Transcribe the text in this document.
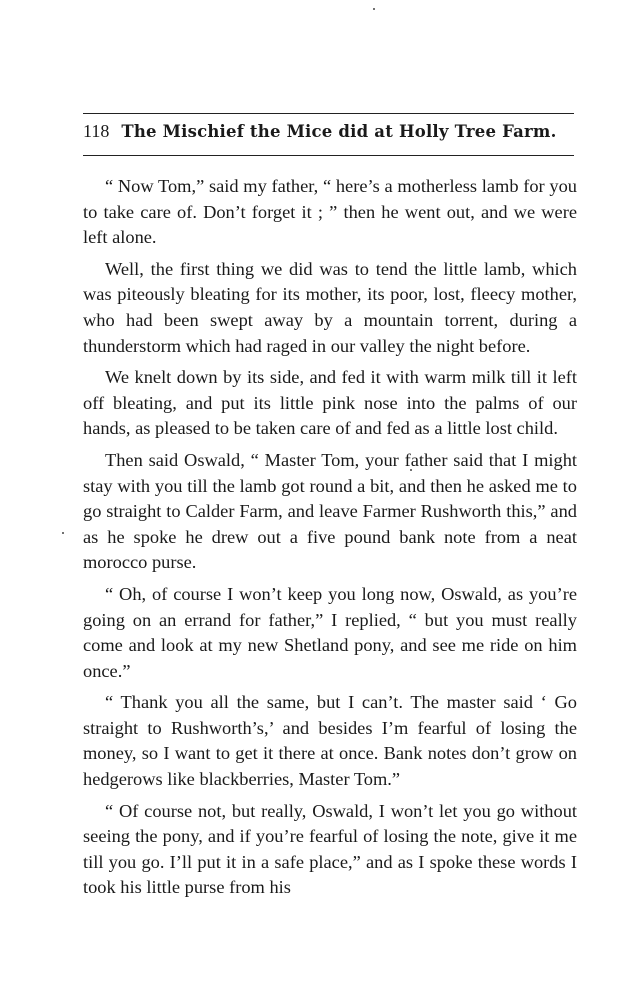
118 The Mischief the Mice did at Holly Tree Farm.

“ Now Tom,” said my father, “ here’s a motherless lamb for you to take care of. Don’t forget it ; ” then he went out, and we were left alone.

Well, the first thing we did was to tend the little lamb, which was piteously bleating for its mother, its poor, lost, fleecy mother, who had been swept away by a mountain torrent, during a thunderstorm which had raged in our valley the night before.

We knelt down by its side, and fed it with warm milk till it left off bleating, and put its little pink nose into the palms of our hands, as pleased to be taken care of and fed as a little lost child.

Then said Oswald, “ Master Tom, your father said that I might stay with you till the lamb got round a bit, and then he asked me to go straight to Calder Farm, and leave Farmer Rushworth this,” and as he spoke he drew out a five pound bank note from a neat morocco purse.

“ Oh, of course I won’t keep you long now, Oswald, as you’re going on an errand for father,” I replied, “ but you must really come and look at my new Shetland pony, and see me ride on him once.”

“ Thank you all the same, but I can’t. The master said ‘ Go straight to Rushworth’s,’ and besides I’m fearful of losing the money, so I want to get it there at once. Bank notes don’t grow on hedgerows like blackberries, Master Tom.”

“ Of course not, but really, Oswald, I won’t let you go without seeing the pony, and if you’re fearful of losing the note, give it me till you go. I’ll put it in a safe place,” and as I spoke these words I took his little purse from his
